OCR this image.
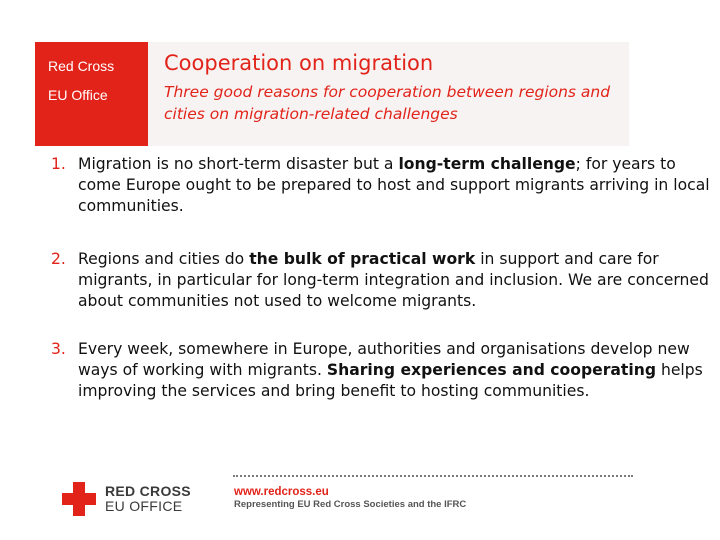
Red Cross
EU Office
Cooperation on migration
Three good reasons for cooperation between regions and cities on migration-related challenges
1. Migration is no short-term disaster but a long-term challenge; for years to come Europe ought to be prepared to host and support migrants arriving in local communities.
2. Regions and cities do the bulk of practical work in support and care for migrants, in particular for long-term integration and inclusion. We are concerned about communities not used to welcome migrants.
3. Every week, somewhere in Europe, authorities and organisations develop new ways of working with migrants. Sharing experiences and cooperating helps improving the services and bring benefit to hosting communities.
RED CROSS
EU OFFICE
www.redcross.eu
Representing EU Red Cross Societies and the IFRC
